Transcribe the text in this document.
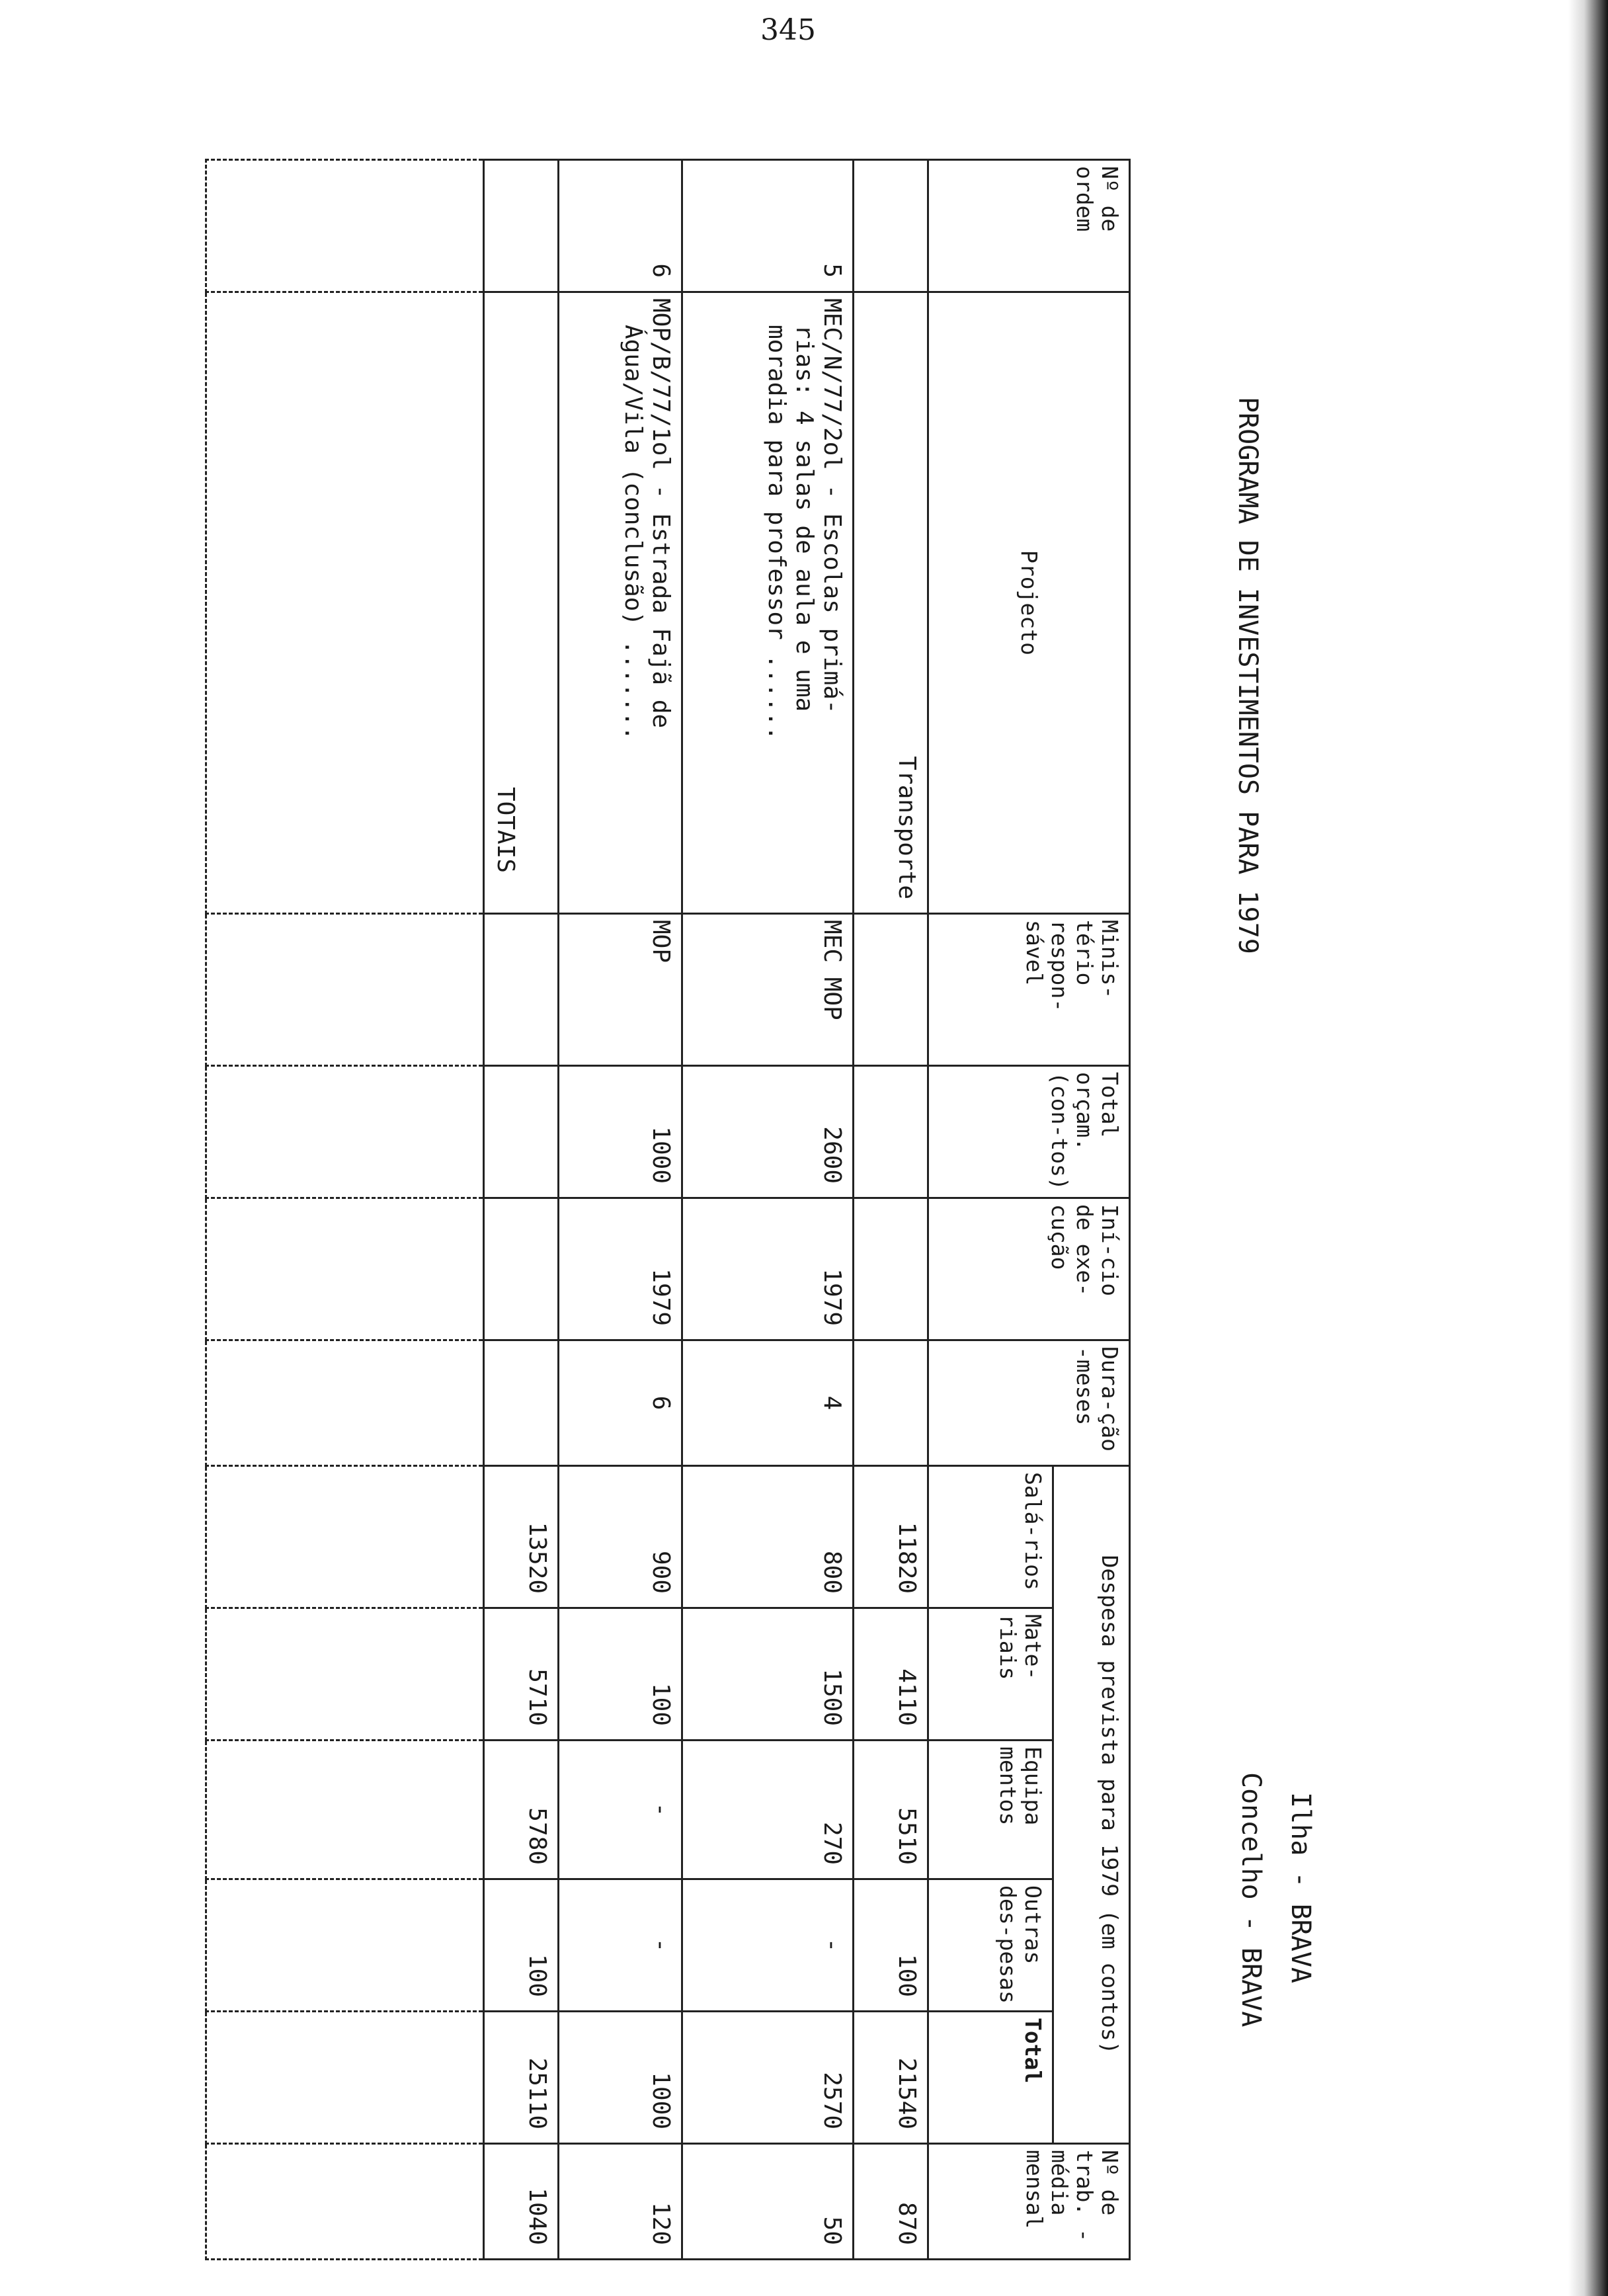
345
PROGRAMA DE INVESTIMENTOS PARA 1979
Ilha - BRAVA
Concelho - BRAVA
Nº de ordem	Projecto	Minis-tério respon-sável	Total orçam. (con-tos)	Iní-cio de exe-cução	Dura-ção -meses	Despesa prevista para 1979 (em contos)					Nº de trab. -média mensal
						Salá-rios	Mate-riais	Equipa mentos	Outras des-pesas	Total	
	Transporte					11820	4110	5510	100	21540	870
5	MEC/N/77/2ol - Escolas primá-
rias: 4 salas de aula e uma
moradia para professor ......	MEC MOP	2600	1979	4	800	1500	270	-	2570	50
6	MOP/B/77/1ol - Estrada Fajã de
Água/Vila (conclusão) .......	MOP	1000	1979	6	900	100	-	-	1000	120
	TOTAIS					13520	5710	5780	100	25110	1040
